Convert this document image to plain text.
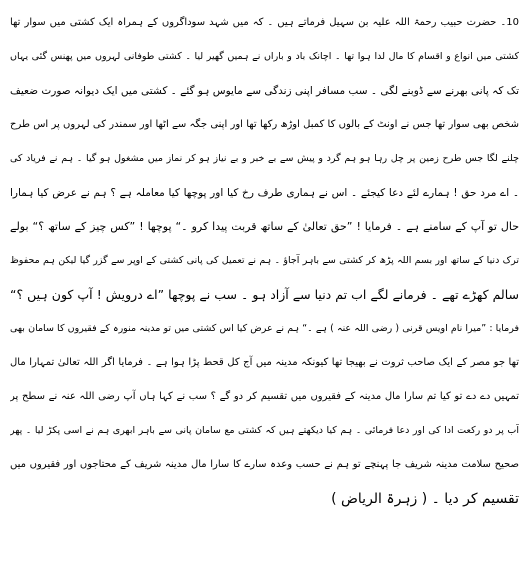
10۔ حضرت حبیب رحمۃ اللہ علیہ بن سہیل فرماتے ہیں ۔ کہ میں شہد سوداگروں کے ہمراہ ایک کشتی میں سوار تھا
کشتی میں انواع و اقسام کا مال لدا ہوا تھا ۔ اچانک باد و باراں نے ہمیں گھیر لیا ۔ کشتی طوفانی لہروں میں پھنس گئی یہاں
تک کہ پانی بھرنے سے ڈوبنے لگی ۔ سب مسافر اپنی زندگی سے مایوس ہو گئے ۔ کشتی میں ایک دیوانہ صورت ضعیف
شخص بھی سوار تھا جس نے اونٹ کے بالوں کا کمبل اوڑھ رکھا تھا اور اپنی جگہ سے اٹھا اور سمندر کی لہروں پر اس طرح
چلنے لگا جس طرح زمین پر چل رہا ہو ہم گرد و پیش سے بے خبر و بے نیاز ہو کر نماز میں مشغول ہو گیا ۔ ہم نے فریاد کی
۔ اے مرد حق ! ہمارے لئے دعا کیجئے ۔ اس نے ہماری طرف رخ کیا اور پوچھا کیا معاملہ ہے ؟ ہم نے عرض کیا ہمارا
حال تو آپ کے سامنے ہے ۔ فرمایا ! ”حق تعالیٰ کے ساتھ قربت پیدا کرو ۔“ پوچھا ! ”کس چیز کے ساتھ ؟“ بولے
ترک دنیا کے ساتھ اور بسم اللہ پڑھ کر کشتی سے باہر آجاؤ ۔ ہم نے تعمیل کی پانی کشتی کے اوپر سے گزر گیا لیکن ہم محفوظ
سالم کھڑے تھے ۔ فرمانے لگے اب تم دنیا سے آزاد ہو ۔ سب نے پوچھا ”اے درویش ! آپ کون ہیں ؟“
فرمایا : ”میرا نام اویس قرنی ( رضی اللہ عنہ ) ہے ۔“ ہم نے عرض کیا اس کشتی میں تو مدینہ منورہ کے فقیروں کا سامان بھی
تھا جو مصر کے ایک صاحب ثروت نے بھیجا تھا کیونکہ مدینہ میں آج کل قحط پڑا ہوا ہے ۔ فرمایا اگر اللہ تعالیٰ تمہارا مال
تمہیں دے دے تو کیا تم سارا مال مدینہ کے فقیروں میں تقسیم کر دو گے ؟ سب نے کہا ہاں آپ رضی اللہ عنہ نے سطح پر
آب پر دو رکعت ادا کی اور دعا فرمائی ۔ ہم کیا دیکھتے ہیں کہ کشتی مع سامان پانی سے باہر ابھری ہم نے اسی پکڑ لیا ۔ پھر
صحیح سلامت مدینہ شریف جا پہنچے تو ہم نے حسب وعدہ سارے کا سارا مال مدینہ شریف کے محتاجوں اور فقیروں میں
تقسیم کر دیا ۔ ( زہرۃ الریاض )
